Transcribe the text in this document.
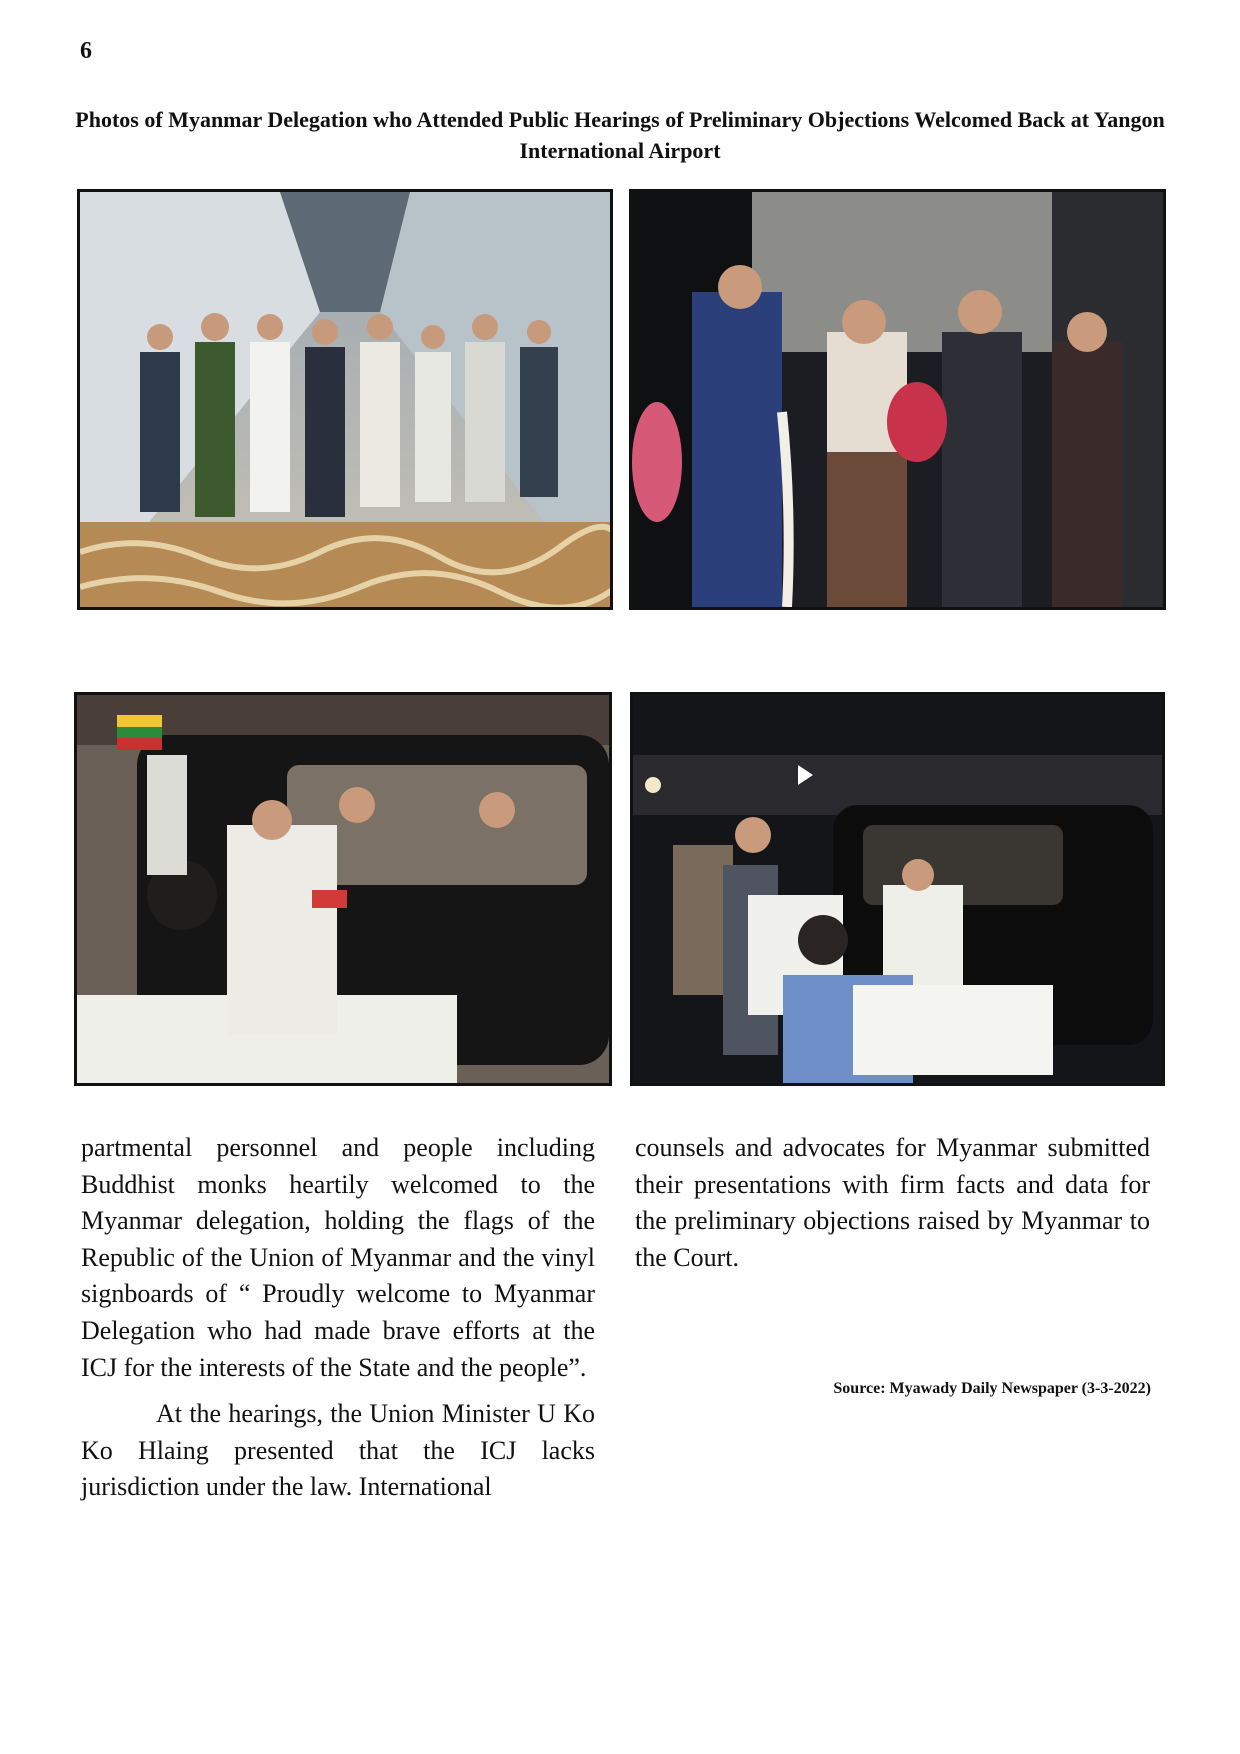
6
Photos of Myanmar Delegation who Attended Public Hearings of Preliminary Objections Welcomed Back at Yangon International Airport

partmental personnel and people including Buddhist monks heartily welcomed to the Myanmar delegation, holding the flags of the Republic of the Union of Myanmar and the vinyl signboards of “ Proudly welcome to Myanmar Delegation who had made brave efforts at the ICJ for the interests of the State and the people”.

At the hearings, the Union Minister U Ko Ko Hlaing presented that the ICJ lacks jurisdiction under the law. International

counsels and advocates for Myanmar submitted their presentations with firm facts and data for the preliminary objections raised by Myanmar to the Court.

Source: Myawady Daily Newspaper (3-3-2022)
